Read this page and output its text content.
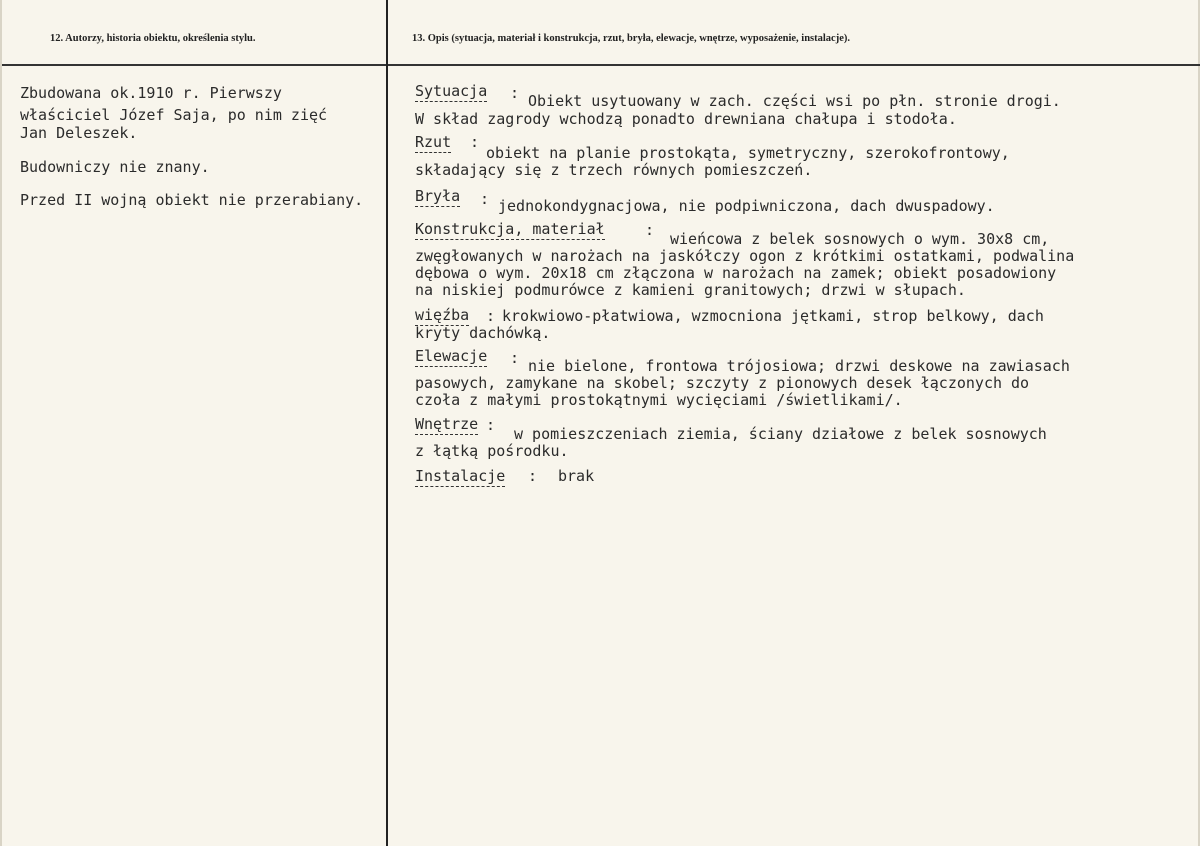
12. Autorzy, historia obiektu, określenia stylu.	13. Opis (sytuacja, materiał i konstrukcja, rzut, bryła, elewacje, wnętrze, wyposażenie, instalacje).
Zbudowana ok.1910 r. Pierwszy
właściciel Józef Saja, po nim zięć
Jan Deleszek.
Budowniczy nie znany.
Przed II wojną obiekt nie przerabiany.
Sytuacja : Obiekt usytuowany w zach. części wsi po płn. stronie drogi.
W skład zagrody wchodzą ponadto drewniana chałupa i stodoła.
Rzut :
obiekt na planie prostokąta, symetryczny, szerokofrontowy,
składający się z trzech równych pomieszczeń.
Bryła : jednokondygnacjowa, nie podpiwniczona, dach dwuspadowy.
Konstrukcja, materiał	: wieńcowa z belek sosnowych o wym. 30x8 cm,
zwęgłowanych w narożach na jaskółczy ogon z krótkimi ostatkami, podwalina
dębowa o wym. 20x18 cm złączona w narożach na zamek; obiekt posadowiony
na niskiej podmurówce z kamieni granitowych; drzwi w słupach.
więźba : krokwiowo-płatwiowa, wzmocniona jętkami, strop belkowy, dach
kryty dachówką.
Elewacje : nie bielone, frontowa trójosiowa; drzwi deskowe na zawiasach
pasowych, zamykane na skobel; szczyty z pionowych desek łączonych do
czoła z małymi prostokątnymi wycięciami /świetlikami/.
Wnętrze : w pomieszczeniach ziemia, ściany działowe z belek sosnowych
z łątką pośrodku.
Instalacje : brak
